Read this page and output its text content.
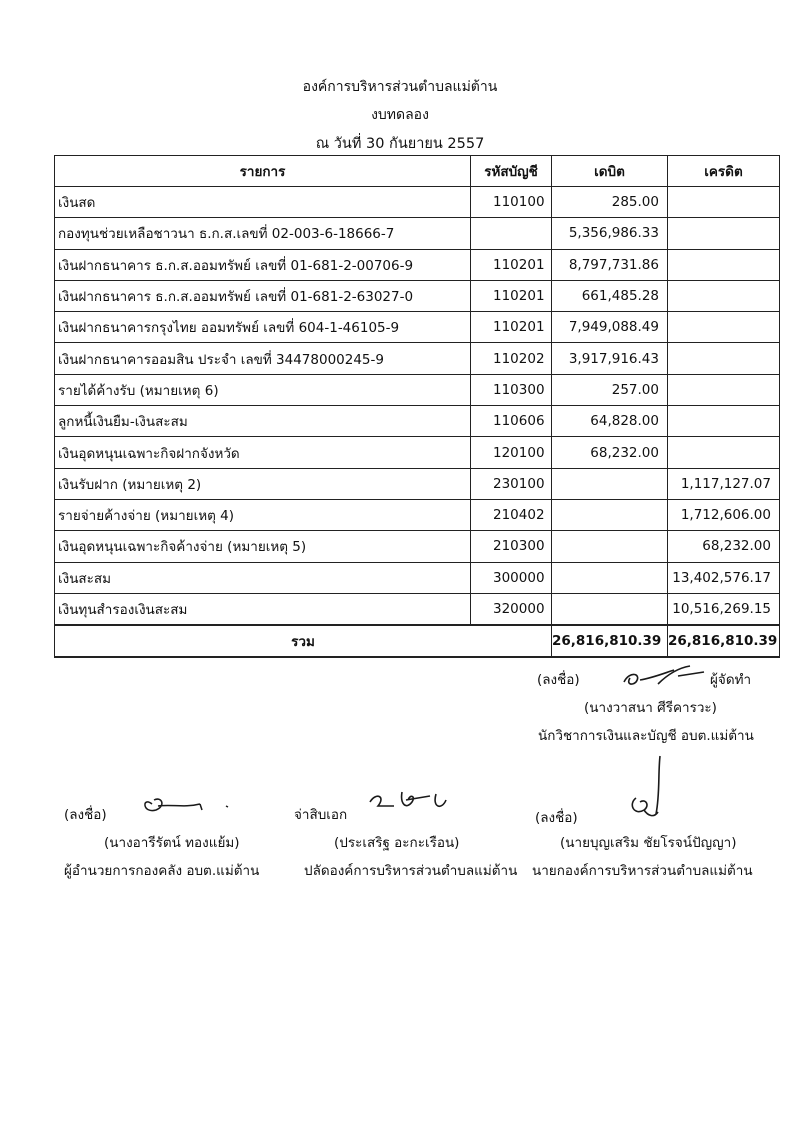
องค์การบริหารส่วนตำบลแม่ต้าน
งบทดลอง
ณ วันที่ 30 กันยายน 2557
รายการ	รหัสบัญชี	เดบิต	เครดิต
เงินสด	110100	285.00	
กองทุนช่วยเหลือชาวนา ธ.ก.ส.เลขที่ 02-003-6-18666-7		5,356,986.33	
เงินฝากธนาคาร ธ.ก.ส.ออมทรัพย์ เลขที่ 01-681-2-00706-9	110201	8,797,731.86	
เงินฝากธนาคาร ธ.ก.ส.ออมทรัพย์ เลขที่ 01-681-2-63027-0	110201	661,485.28	
เงินฝากธนาคารกรุงไทย ออมทรัพย์ เลขที่ 604-1-46105-9	110201	7,949,088.49	
เงินฝากธนาคารออมสิน ประจำ เลขที่ 34478000245-9	110202	3,917,916.43	
รายได้ค้างรับ (หมายเหตุ 6)	110300	257.00	
ลูกหนี้เงินยืม-เงินสะสม	110606	64,828.00	
เงินอุดหนุนเฉพาะกิจฝากจังหวัด	120100	68,232.00	
เงินรับฝาก (หมายเหตุ 2)	230100		1,117,127.07
รายจ่ายค้างจ่าย (หมายเหตุ 4)	210402		1,712,606.00
เงินอุดหนุนเฉพาะกิจค้างจ่าย (หมายเหตุ 5)	210300		68,232.00
เงินสะสม	300000		13,402,576.17
เงินทุนสำรองเงินสะสม	320000		10,516,269.15
รวม		26,816,810.39	26,816,810.39
(ลงชื่อ)	ผู้จัดทำ
(นางวาสนา ศีรีคารวะ)
นักวิชาการเงินและบัญชี อบต.แม่ต้าน
(ลงชื่อ)
(นางอารีรัตน์ ทองแย้ม)
ผู้อำนวยการกองคลัง อบต.แม่ต้าน
จ่าสิบเอก
(ประเสริฐ อะกะเรือน)
ปลัดองค์การบริหารส่วนตำบลแม่ต้าน
(ลงชื่อ)
(นายบุญเสริม ชัยโรจน์ปัญญา)
นายกองค์การบริหารส่วนตำบลแม่ต้าน
